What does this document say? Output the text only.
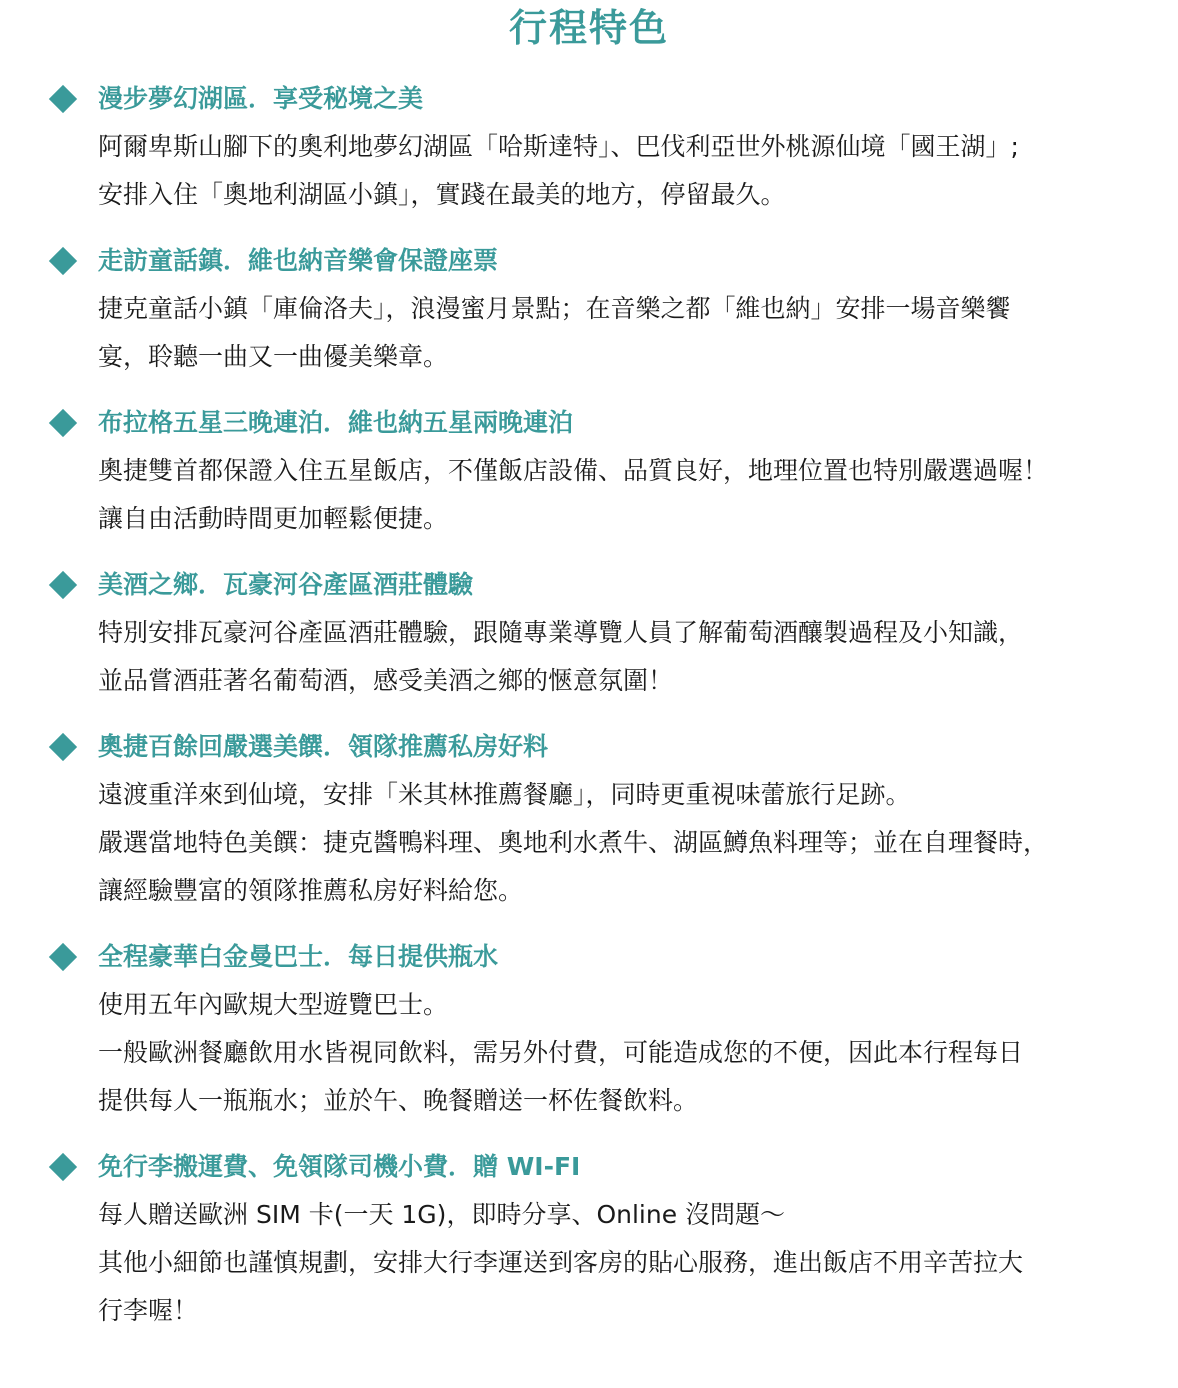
行程特色
漫步夢幻湖區．享受秘境之美
阿爾卑斯山腳下的奧利地夢幻湖區「哈斯達特」、巴伐利亞世外桃源仙境「國王湖」;
安排入住「奧地利湖區小鎮」，實踐在最美的地方，停留最久。
走訪童話鎮．維也納音樂會保證座票
捷克童話小鎮「庫倫洛夫」，浪漫蜜月景點；在音樂之都「維也納」安排一場音樂饗
宴，聆聽一曲又一曲優美樂章。
布拉格五星三晚連泊．維也納五星兩晚連泊
奧捷雙首都保證入住五星飯店，不僅飯店設備、品質良好，地理位置也特別嚴選過喔！
讓自由活動時間更加輕鬆便捷。
美酒之鄉．瓦豪河谷產區酒莊體驗
特別安排瓦豪河谷產區酒莊體驗，跟隨專業導覽人員了解葡萄酒釀製過程及小知識，
並品嘗酒莊著名葡萄酒，感受美酒之鄉的愜意氛圍！
奧捷百餘回嚴選美饌．領隊推薦私房好料
遠渡重洋來到仙境，安排「米其林推薦餐廳」，同時更重視味蕾旅行足跡。
嚴選當地特色美饌：捷克醬鴨料理、奧地利水煮牛、湖區鱒魚料理等；並在自理餐時，
讓經驗豐富的領隊推薦私房好料給您。
全程豪華白金曼巴士．每日提供瓶水
使用五年內歐規大型遊覽巴士。
一般歐洲餐廳飲用水皆視同飲料，需另外付費，可能造成您的不便，因此本行程每日
提供每人一瓶瓶水；並於午、晚餐贈送一杯佐餐飲料。
免行李搬運費、免領隊司機小費．贈 WI-FI
每人贈送歐洲 SIM 卡(一天 1G)，即時分享、Online 沒問題～
其他小細節也謹慎規劃，安排大行李運送到客房的貼心服務，進出飯店不用辛苦拉大
行李喔！
